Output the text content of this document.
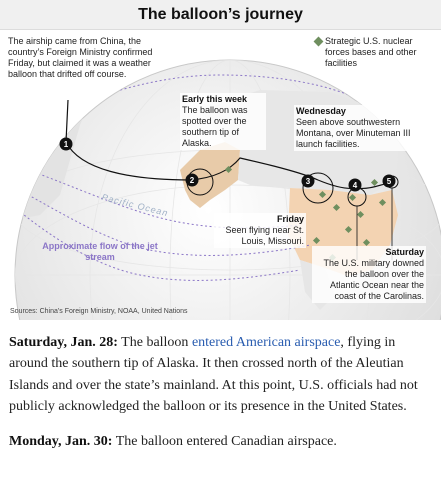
The balloon’s journey
1
2	3	4	5
The airship came from China, the country’s Foreign Ministry confirmed Friday, but claimed it was a weather balloon that drifted off course.
Strategic U.S. nuclear forces bases and other facilities
Early this week
The balloon was spotted over the southern tip of Alaska.
Wednesday
Seen above southwestern Montana, over Minuteman III launch facilities.
Friday
Seen flying near St. Louis, Missouri.
Saturday
The U.S. military downed the balloon over the Atlantic Ocean near the coast of the Carolinas.
Pacific Ocean
Approximate flow of the jet stream
Sources: China’s Foreign Ministry, NOAA, United Nations

Saturday, Jan. 28: The balloon entered American airspace, flying in around the southern tip of Alaska. It then crossed north of the Aleutian Islands and over the state’s mainland. At this point, U.S. officials had not publicly acknowledged the balloon or its presence in the United States.

Monday, Jan. 30: The balloon entered Canadian airspace.
